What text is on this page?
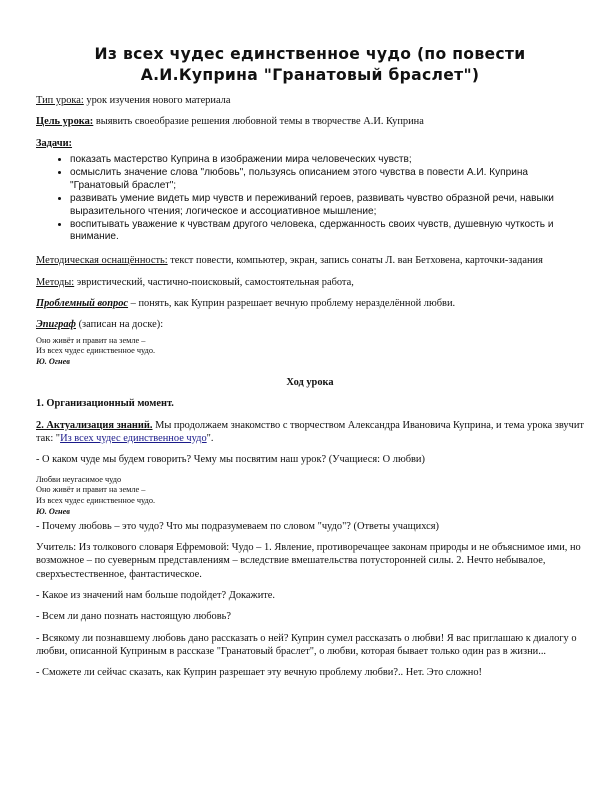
Из всех чудес единственное чудо (по повести А.И.Куприна "Гранатовый браслет")

Тип урока: урок изучения нового материала

Цель урока: выявить своеобразие решения любовной темы в творчестве А.И. Куприна

Задачи:

• показать мастерство Куприна в изображении мира человеческих чувств;
• осмыслить значение слова "любовь", пользуясь описанием этого чувства в повести А.И. Куприна "Гранатовый браслет";
• развивать умение видеть мир чувств и переживаний героев, развивать чувство образной речи, навыки выразительного чтения; логическое и ассоциативное мышление;
• воспитывать уважение к чувствам другого человека, сдержанность своих чувств, душевную чуткость и внимание.

Методическая оснащённость: текст повести, компьютер, экран, запись сонаты Л. ван Бетховена, карточки-задания

Методы: эвристический, частично-поисковый, самостоятельная работа,

Проблемный вопрос – понять, как Куприн разрешает вечную проблему неразделённой любви.

Эпиграф (записан на доске):

Оно живёт и правит на земле –

Из всех чудес единственное чудо.

Ю. Огнев

Ход урока

1. Организационный момент.

2. Актуализация знаний. Мы продолжаем знакомство с творчеством Александра Ивановича Куприна, и тема урока звучит так: "Из всех чудес единственное чудо".

- О каком чуде мы будем говорить? Чему мы посвятим наш урок? (Учащиеся: О любви)

Любви неугасимое чудо

Оно живёт и правит на земле –

Из всех чудес единственное чудо.

Ю. Огнев

- Почему любовь – это чудо? Что мы подразумеваем по словом "чудо"? (Ответы учащихся)

Учитель: Из толкового словаря Ефремовой: Чудо – 1. Явление, противоречащее законам природы и не объяснимое ими, но возможное – по суеверным представлениям – вследствие вмешательства потусторонней силы. 2. Нечто небывалое, сверхъестественное, фантастическое.

- Какое из значений нам больше подойдет? Докажите.

- Всем ли дано познать настоящую любовь?

- Всякому ли познавшему любовь дано рассказать о ней? Куприн сумел рассказать о любви! Я вас приглашаю к диалогу о любви, описанной Куприным в рассказе "Гранатовый браслет", о любви, которая бывает только один раз в жизни...

- Сможете ли сейчас сказать, как Куприн разрешает эту вечную проблему любви?.. Нет. Это сложно!
